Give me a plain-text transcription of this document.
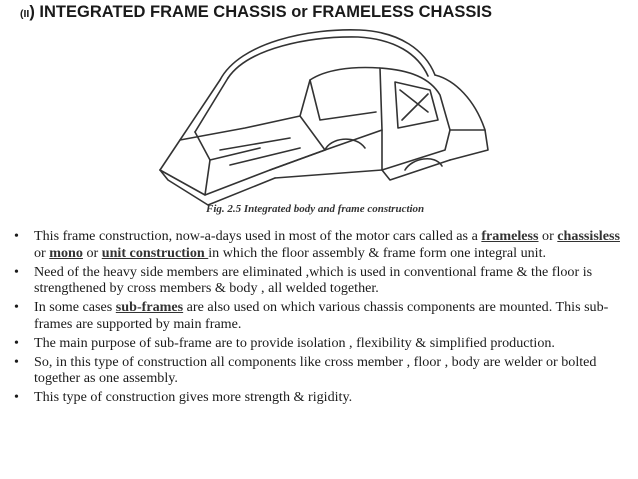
(II) INTEGRATED FRAME CHASSIS or FRAMELESS CHASSIS
Fig. 2.5 Integrated body and frame construction
• This frame construction, now-a-days used in most of the motor cars called as a frameless or chassisless or mono or unit construction in which the floor assembly & frame form one integral unit.
• Need of the heavy side members are eliminated ,which is used in conventional frame & the floor is strengthened by cross members & body , all welded together.
• In some cases sub-frames are also used on which various chassis components are mounted. This sub-frames are supported by main frame.
• The main purpose of sub-frame are to provide isolation , flexibility & simplified production.
• So, in this type of construction all components like cross member , floor , body are welder or bolted together as one assembly.
• This type of construction gives more strength & rigidity.
